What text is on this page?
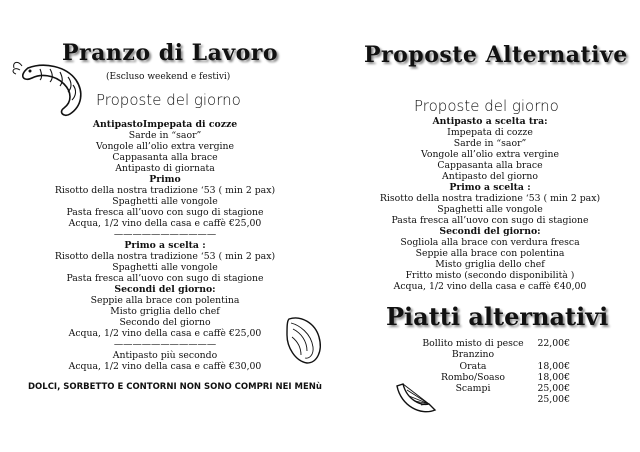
Pranzo di Lavoro
(Escluso weekend e festivi)
Proposte del giorno
AntipastoImpepata di cozze
Sarde in “saor”
Vongole all’olio extra vergine
Cappasanta alla brace
Antipasto di giornata
Primo
Risotto della nostra tradizione ‘53 ( min 2 pax)
Spaghetti alle vongole
Pasta fresca all’uovo con sugo di stagione
Acqua, 1/2 vino della casa e caffè €25,00
———————————
Primo a scelta :
Risotto della nostra tradizione ‘53 ( min 2 pax)
Spaghetti alle vongole
Pasta fresca all’uovo con sugo di stagione
Secondi del giorno:
Seppie alla brace con polentina
Misto griglia dello chef
Secondo del giorno
Acqua, 1/2 vino della casa e caffè €25,00
———————————
Antipasto più secondo
Acqua, 1/2 vino della casa e caffè €30,00
DOLCI, SORBETTO E CONTORNI NON SONO COMPRI NEI MENù
Proposte Alternative
Proposte del giorno
Antipasto a scelta tra:
Impepata di cozze
Sarde in “saor”
Vongole all’olio extra vergine
Cappasanta alla brace
Antipasto del giorno
Primo a scelta :
Risotto della nostra tradizione ‘53 ( min 2 pax)
Spaghetti alle vongole
Pasta fresca all’uovo con sugo di stagione
Secondi del giorno:
Sogliola alla brace con verdura fresca
Seppie alla brace con polentina
Misto griglia dello chef
Fritto misto (secondo disponibilità )
Acqua, 1/2 vino della casa e caffè €40,00
Piatti alternativi
Bollito misto di pesce	22,00€
Branzino
Orata	18,00€
Rombo/Soaso	18,00€
Scampi	25,00€
25,00€
